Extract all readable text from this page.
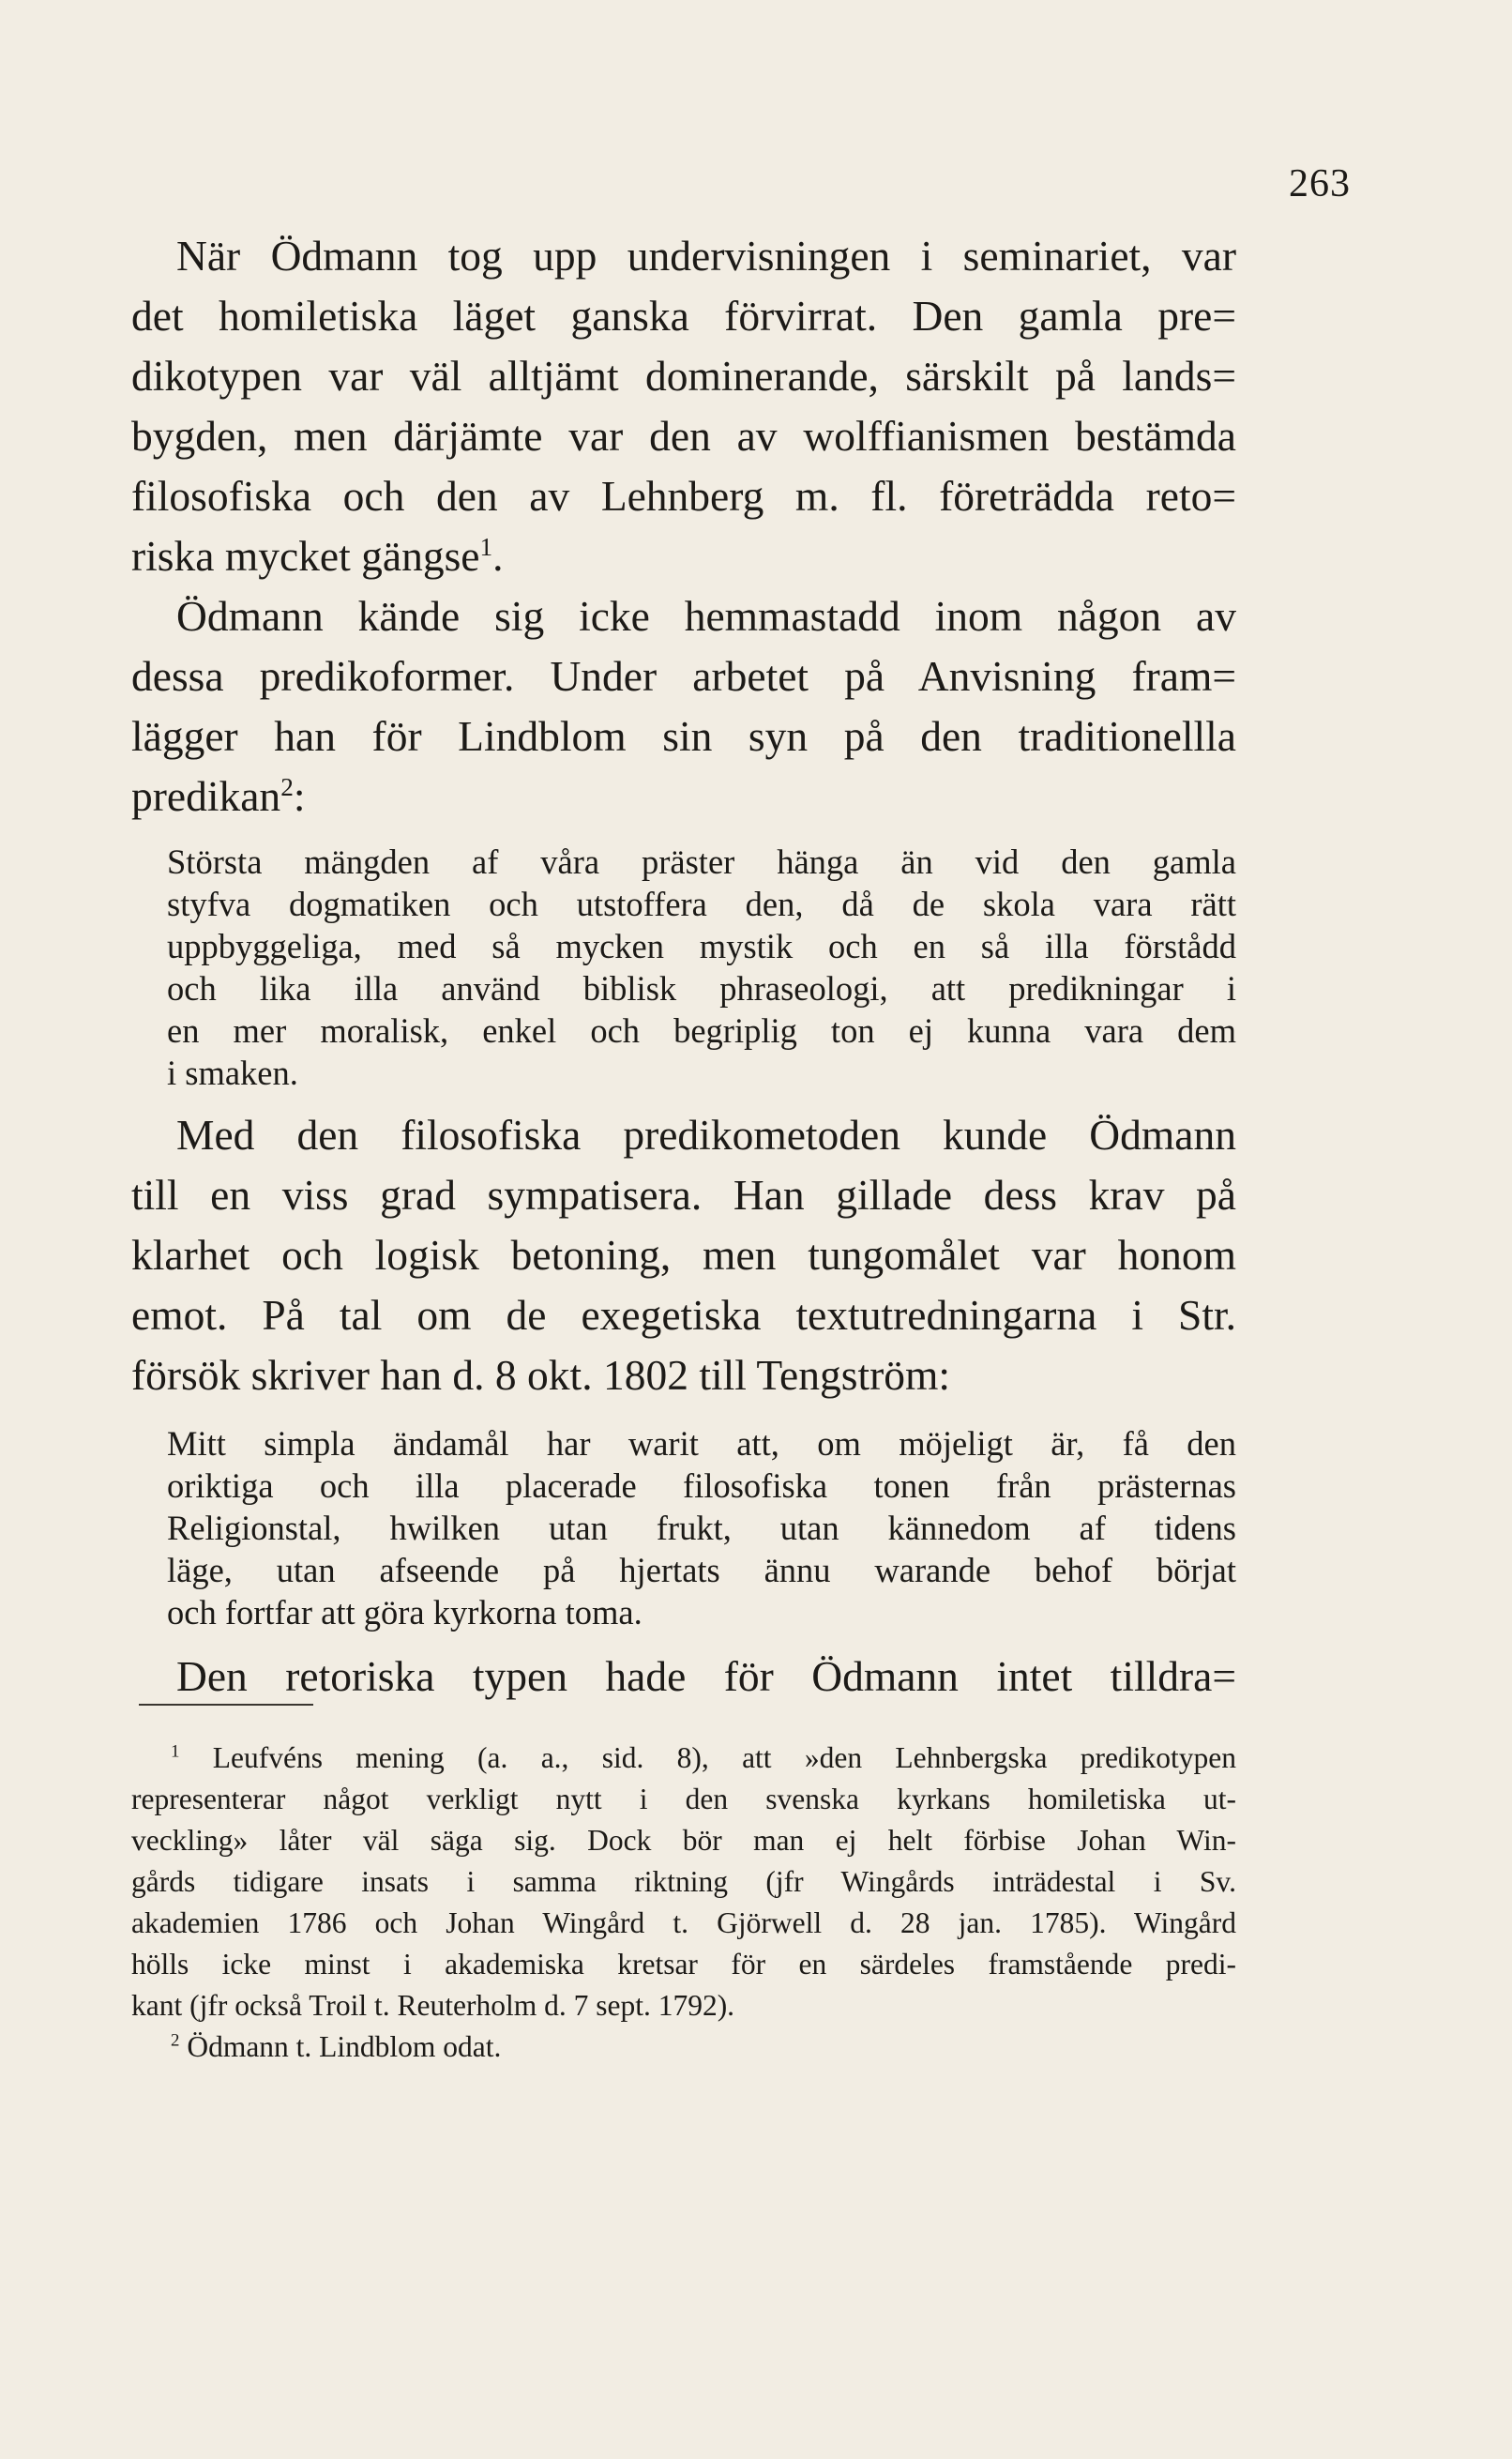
263
När Ödmann tog upp undervisningen i seminariet, var
det homiletiska läget ganska förvirrat. Den gamla pre=
dikotypen var väl alltjämt dominerande, särskilt på lands=
bygden, men därjämte var den av wolffianismen bestämda
filosofiska och den av Lehnberg m. fl. företrädda reto=
riska mycket gängse$^1$.
Ödmann kände sig icke hemmastadd inom någon av
dessa predikoformer. Under arbetet på Anvisning fram=
lägger han för Lindblom sin syn på den traditionellla
predikan$^2$:
Största mängden af våra präster hänga än vid den gamla
styfva dogmatiken och utstoffera den, då de skola vara rätt
uppbyggeliga, med så mycken mystik och en så illa förstådd
och lika illa använd biblisk phraseologi, att predikningar i
en mer moralisk, enkel och begriplig ton ej kunna vara dem
i smaken.
Med den filosofiska predikometoden kunde Ödmann
till en viss grad sympatisera. Han gillade dess krav på
klarhet och logisk betoning, men tungomålet var honom
emot. På tal om de exegetiska textutredningarna i Str.
försök skriver han d. 8 okt. 1802 till Tengström:
Mitt simpla ändamål har warit att, om möjeligt är, få den
oriktiga och illa placerade filosofiska tonen från prästernas
Religionstal, hwilken utan frukt, utan kännedom af tidens
läge, utan afseende på hjertats ännu warande behof börjat
och fortfar att göra kyrkorna toma.
Den retoriska typen hade för Ödmann intet tilldra=
$^1$ Leufvéns mening (a. a., sid. 8), att »den Lehnbergska predikotypen
representerar något verkligt nytt i den svenska kyrkans homiletiska ut-
veckling» låter väl säga sig. Dock bör man ej helt förbise Johan Win-
gårds tidigare insats i samma riktning (jfr Wingårds inträdestal i Sv.
akademien 1786 och Johan Wingård t. Gjörwell d. 28 jan. 1785). Wingård
hölls icke minst i akademiska kretsar för en särdeles framstående predi-
kant (jfr också Troil t. Reuterholm d. 7 sept. 1792).
$^2$ Ödmann t. Lindblom odat.
